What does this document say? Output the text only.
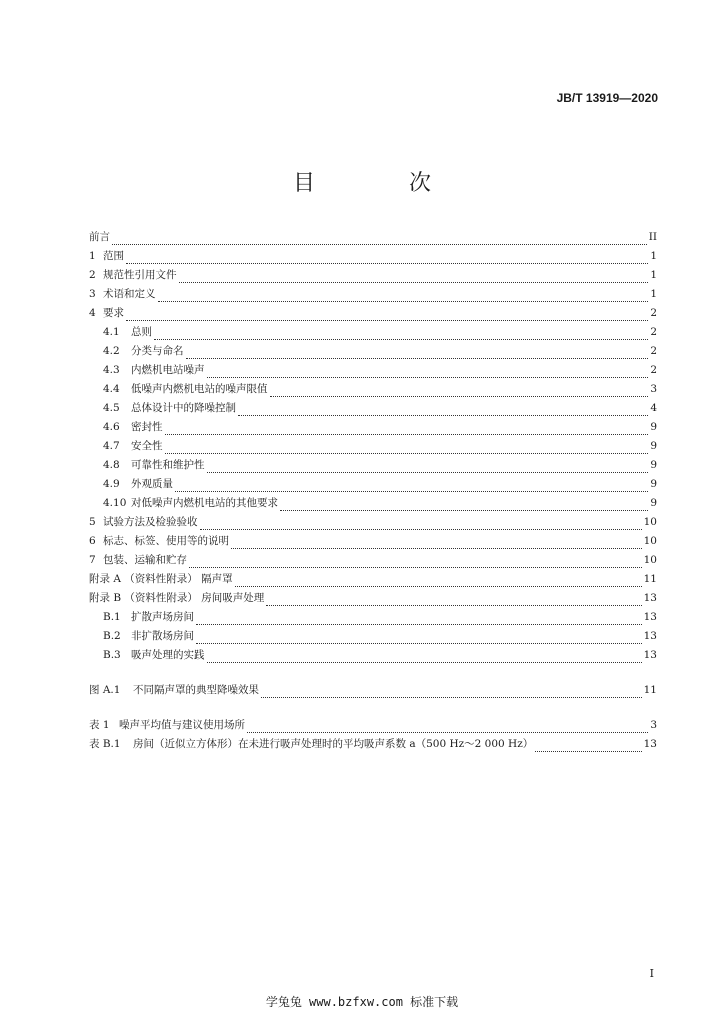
JB/T 13919—2020
目　次
前言	II
1 范围	1
2 规范性引用文件	1
3 术语和定义	1
4 要求	2
4.1	总则	2
4.2	分类与命名	2
4.3	内燃机电站噪声	2
4.4	低噪声内燃机电站的噪声限值	3
4.5	总体设计中的降噪控制	4
4.6	密封性	9
4.7	安全性	9
4.8	可靠性和维护性	9
4.9	外观质量	9
4.10 对低噪声内燃机电站的其他要求	9
5 试验方法及检验验收	10
6 标志、标签、使用等的说明	10
7 包装、运输和贮存	10
附录 A （资料性附录） 隔声罩	11
附录 B （资料性附录） 房间吸声处理	13
B.1 扩散声场房间	13
B.2 非扩散场房间	13
B.3 吸声处理的实践	13
图 A.1	不同隔声罩的典型降噪效果	11
表 1 噪声平均值与建议使用场所	3
表 B.1	房间（近似立方体形）在未进行吸声处理时的平均吸声系数 a（500 Hz～2 000 Hz）	13
I
学兔兔 www.bzfxw.com 标准下载
